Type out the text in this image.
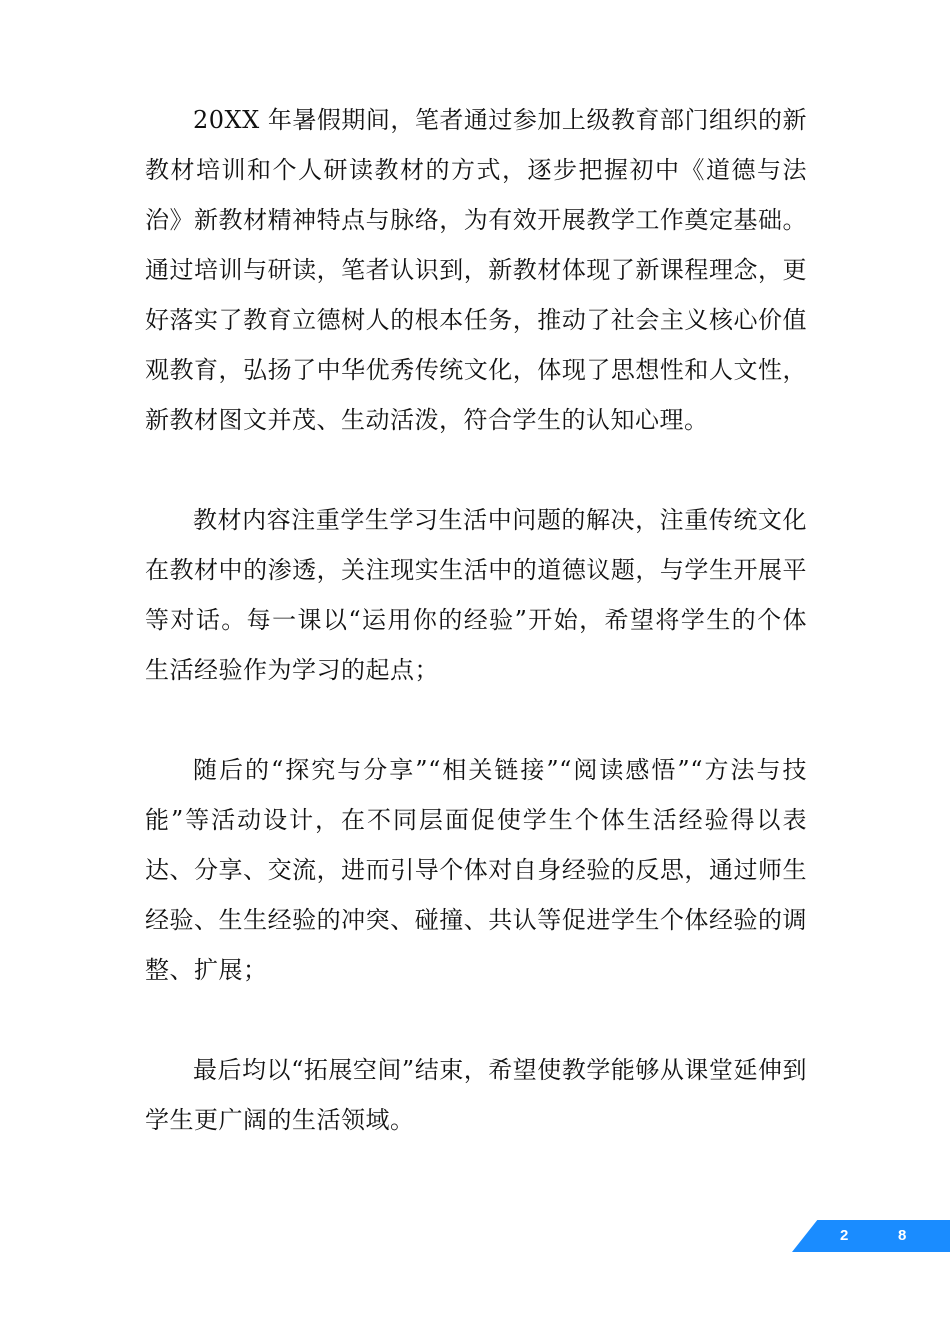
20XX 年暑假期间，笔者通过参加上级教育部门组织的新教材培训和个人研读教材的方式，逐步把握初中《道德与法治》新教材精神特点与脉络，为有效开展教学工作奠定基础。通过培训与研读，笔者认识到，新教材体现了新课程理念，更好落实了教育立德树人的根本任务，推动了社会主义核心价值观教育，弘扬了中华优秀传统文化，体现了思想性和人文性，新教材图文并茂、生动活泼，符合学生的认知心理。

教材内容注重学生学习生活中问题的解决，注重传统文化在教材中的渗透，关注现实生活中的道德议题，与学生开展平等对话。每一课以“运用你的经验”开始，希望将学生的个体生活经验作为学习的起点；

随后的“探究与分享”“相关链接”“阅读感悟”“方法与技能”等活动设计，在不同层面促使学生个体生活经验得以表达、分享、交流，进而引导个体对自身经验的反思，通过师生经验、生生经验的冲突、碰撞、共认等促进学生个体经验的调整、扩展；

最后均以“拓展空间”结束，希望使教学能够从课堂延伸到学生更广阔的生活领域。

2	8
